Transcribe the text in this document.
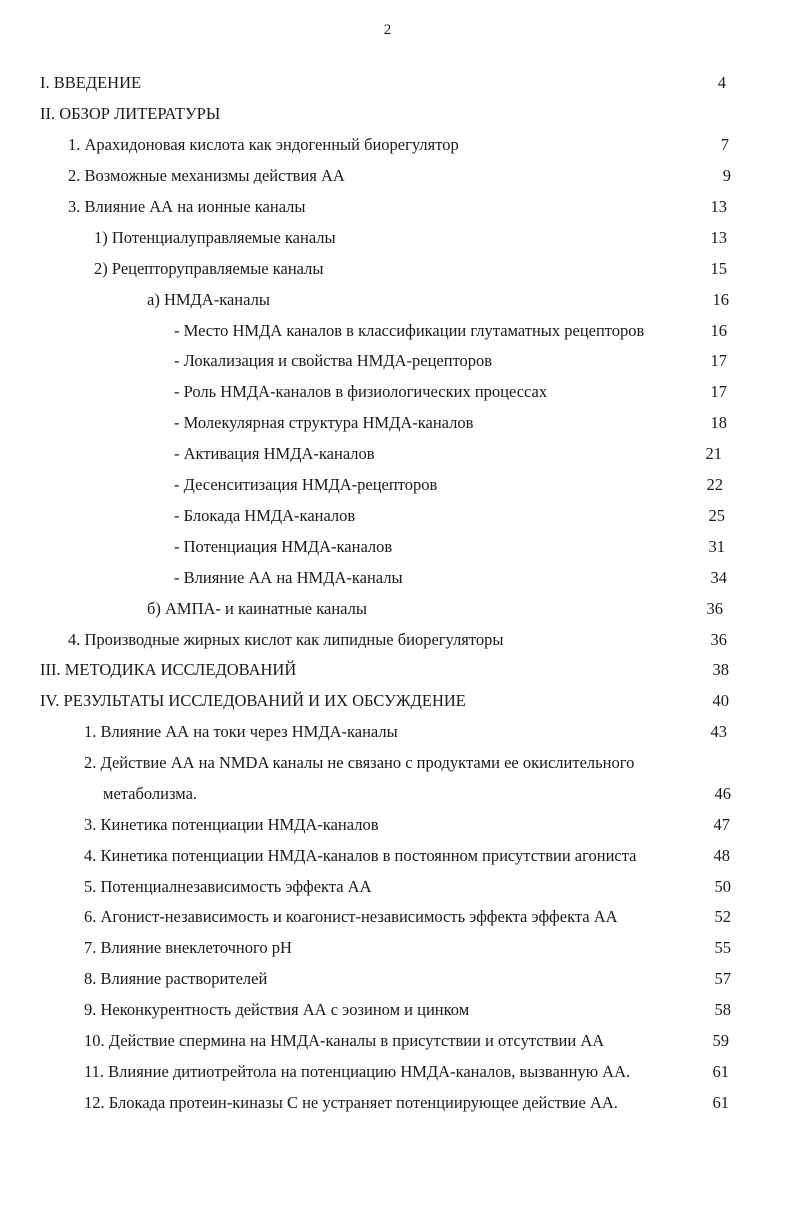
2
I. ВВЕДЕНИЕ	4
II. ОБЗОР ЛИТЕРАТУРЫ
1. Арахидоновая кислота как эндогенный биорегулятор	7
2. Возможные механизмы действия АА	9
3. Влияние АА на ионные каналы	13
1) Потенциалуправляемые каналы	13
2) Рецепторуправляемые каналы	15
а) НМДА-каналы	16
- Место НМДА каналов в классификации глутаматных рецепторов	16
- Локализация и свойства НМДА-рецепторов	17
- Роль НМДА-каналов в физиологических процессах	17
- Молекулярная структура НМДА-каналов	18
- Активация НМДА-каналов	21
- Десенситизация НМДА-рецепторов	22
- Блокада НМДА-каналов	25
- Потенциация НМДА-каналов	31
- Влияние АА на НМДА-каналы	34
б) АМПА- и каинатные каналы	36
4. Производные жирных кислот как липидные биорегуляторы	36
III. МЕТОДИКА ИССЛЕДОВАНИЙ	38
IV. РЕЗУЛЬТАТЫ ИССЛЕДОВАНИЙ И ИХ ОБСУЖДЕНИЕ	40
1. Влияние АА на токи через НМДА-каналы	43
2. Действие АА на NMDA каналы не связано с продуктами ее окислительного
метаболизма.	46
3. Кинетика потенциации НМДА-каналов	47
4. Кинетика потенциации НМДА-каналов в постоянном присутствии агониста	48
5. Потенциалнезависимость эффекта АА	50
6. Агонист-независимость и коагонист-независимость эффекта эффекта АА	52
7. Влияние внеклеточного pH	55
8. Влияние растворителей	57
9. Неконкурентность действия АА с эозином и цинком	58
10. Действие спермина на НМДА-каналы в присутствии и отсутствии АА	59
11. Влияние дитиотрейтола на потенциацию НМДА-каналов, вызванную АА.	61
12. Блокада протеин-киназы С не устраняет потенциирующее действие АА.	61
